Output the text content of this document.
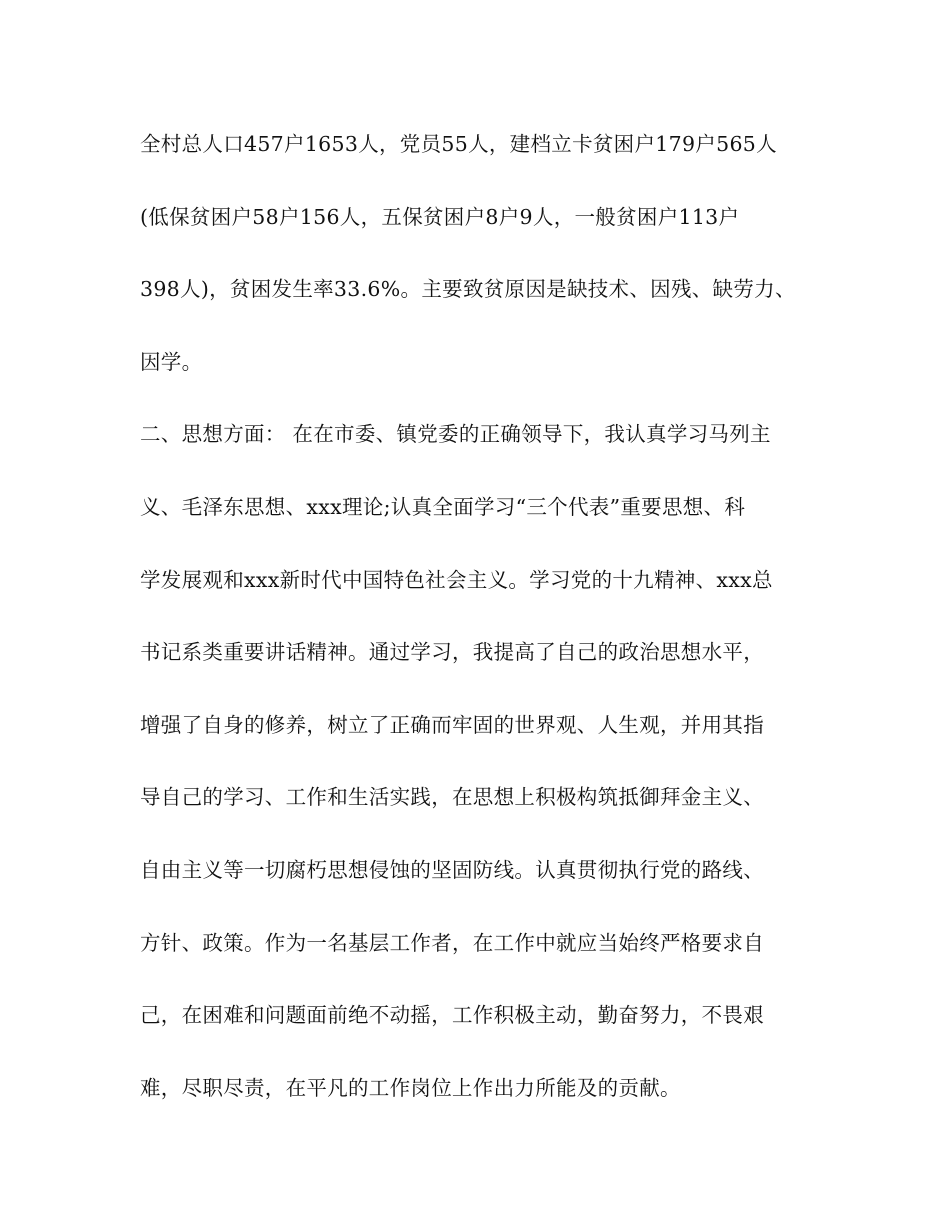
全村总人口457户1653人，党员55人，建档立卡贫困户179户565人
(低保贫困户58户156人，五保贫困户8户9人，一般贫困户113户
398人)，贫困发生率33.6%。主要致贫原因是缺技术、因残、缺劳力、
因学。
二、思想方面： 在在市委、镇党委的正确领导下，我认真学习马列主
义、毛泽东思想、xxx理论;认真全面学习“三个代表”重要思想、科
学发展观和xxx新时代中国特色社会主义。学习党的十九精神、xxx总
书记系类重要讲话精神。通过学习，我提高了自己的政治思想水平，
增强了自身的修养，树立了正确而牢固的世界观、人生观，并用其指
导自己的学习、工作和生活实践，在思想上积极构筑抵御拜金主义、
自由主义等一切腐朽思想侵蚀的坚固防线。认真贯彻执行党的路线、
方针、政策。作为一名基层工作者，在工作中就应当始终严格要求自
己，在困难和问题面前绝不动摇，工作积极主动，勤奋努力，不畏艰
难，尽职尽责，在平凡的工作岗位上作出力所能及的贡献。
